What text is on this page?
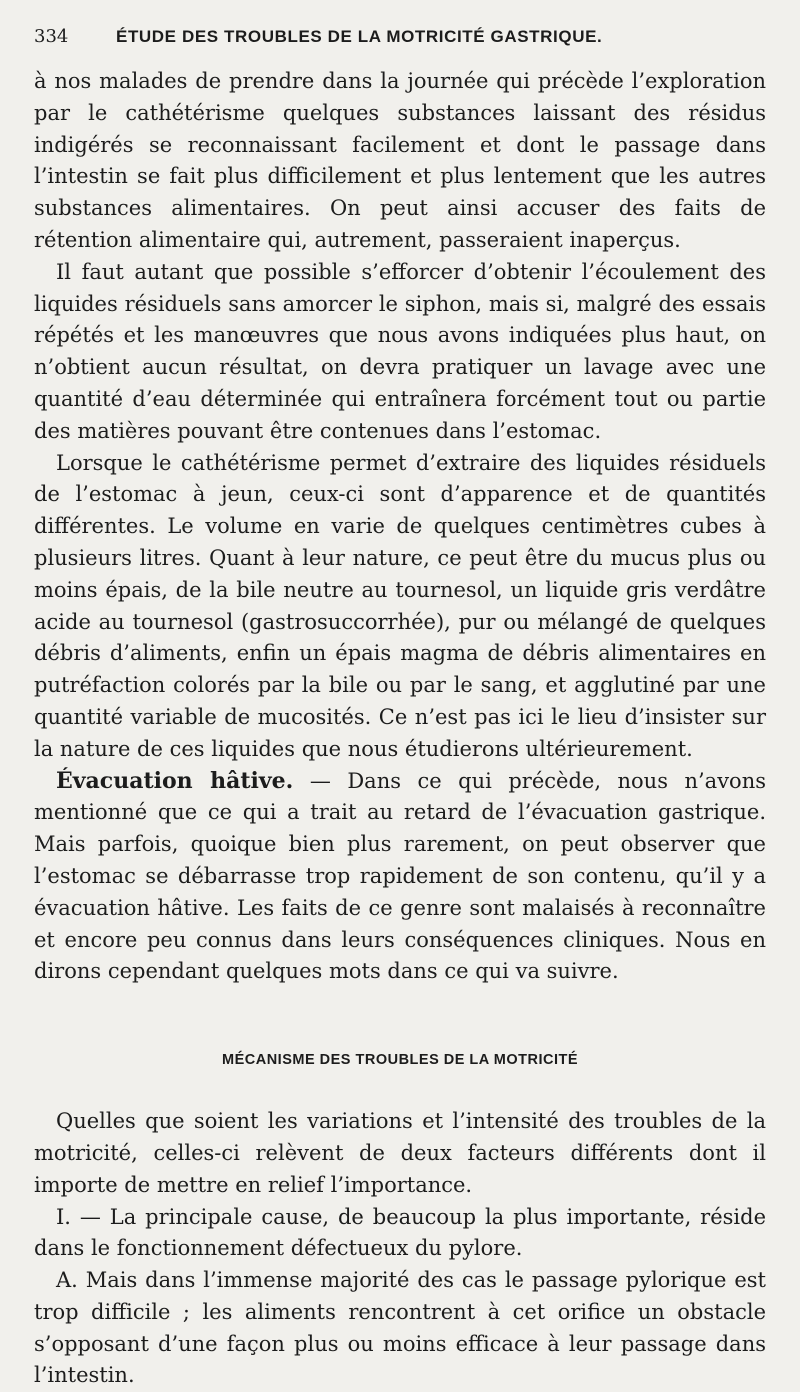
334	ÉTUDE DES TROUBLES DE LA MOTRICITÉ GASTRIQUE.

à nos malades de prendre dans la journée qui précède l’exploration par le cathétérisme quelques substances laissant des résidus indigérés se reconnaissant facilement et dont le passage dans l’intestin se fait plus difficilement et plus lentement que les autres substances alimentaires. On peut ainsi accuser des faits de rétention alimentaire qui, autrement, passeraient inaperçus.

Il faut autant que possible s’efforcer d’obtenir l’écoulement des liquides résiduels sans amorcer le siphon, mais si, malgré des essais répétés et les manœuvres que nous avons indiquées plus haut, on n’obtient aucun résultat, on devra pratiquer un lavage avec une quantité d’eau déterminée qui entraînera forcément tout ou partie des matières pouvant être contenues dans l’estomac.

Lorsque le cathétérisme permet d’extraire des liquides résiduels de l’estomac à jeun, ceux-ci sont d’apparence et de quantités différentes. Le volume en varie de quelques centimètres cubes à plusieurs litres. Quant à leur nature, ce peut être du mucus plus ou moins épais, de la bile neutre au tournesol, un liquide gris verdâtre acide au tournesol (gastrosuccorrhée), pur ou mélangé de quelques débris d’aliments, enfin un épais magma de débris alimentaires en putréfaction colorés par la bile ou par le sang, et agglutiné par une quantité variable de mucosités. Ce n’est pas ici le lieu d’insister sur la nature de ces liquides que nous étudierons ultérieurement.

Évacuation hâtive. — Dans ce qui précède, nous n’avons mentionné que ce qui a trait au retard de l’évacuation gastrique. Mais parfois, quoique bien plus rarement, on peut observer que l’estomac se débarrasse trop rapidement de son contenu, qu’il y a évacuation hâtive. Les faits de ce genre sont malaisés à reconnaître et encore peu connus dans leurs conséquences cliniques. Nous en dirons cependant quelques mots dans ce qui va suivre.

MÉCANISME DES TROUBLES DE LA MOTRICITÉ

Quelles que soient les variations et l’intensité des troubles de la motricité, celles-ci relèvent de deux facteurs différents dont il importe de mettre en relief l’importance.

I. — La principale cause, de beaucoup la plus importante, réside dans le fonctionnement défectueux du pylore.

A. Mais dans l’immense majorité des cas le passage pylorique est trop difficile ; les aliments rencontrent à cet orifice un obstacle s’opposant d’une façon plus ou moins efficace à leur passage dans l’intestin.
